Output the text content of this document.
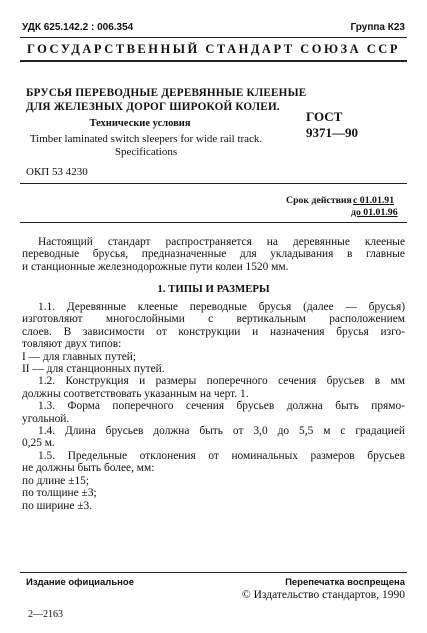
УДК 625.142.2 : 006.354	Группа К23
ГОСУДАРСТВЕННЫЙ СТАНДАРТ СОЮЗА ССР
БРУСЬЯ ПЕРЕВОДНЫЕ ДЕРЕВЯННЫЕ КЛЕЕНЫЕ
ДЛЯ ЖЕЛЕЗНЫХ ДОРОГ ШИРОКОЙ КОЛЕИ.
Технические условия
Timber laminated switch sleepers for wide rail track.
Specifications
ГОСТ
9371—90
ОКП 53 4230
Срок действия с 01.01.91
до 01.01.96
Настоящий стандарт распространяется на деревянные клееные
переводные брусья, предназначенные для укладывания в главные
и станционные железнодорожные пути колеи 1520 мм.
1. ТИПЫ И РАЗМЕРЫ
1.1. Деревянные клееные переводные брусья (далее — брусья)
изготовляют многослойными с вертикальным расположением
слоев. В зависимости от конструкции и назначения брусья изго-
товляют двух типов:
I — для главных путей;
II — для станционных путей.
1.2. Конструкция и размеры поперечного сечения брусьев в мм
должны соответствовать указанным на черт. 1.
1.3. Форма поперечного сечения брусьев должна быть прямо-
угольной.
1.4. Длина брусьев должна быть от 3,0 до 5,5 м с градацией
0,25 м.
1.5. Предельные отклонения от номинальных размеров брусьев
не должны быть более, мм:
по длине ±15;
по толщине ±3;
по ширине ±3.
Издание официальное	Перепечатка воспрещена
© Издательство стандартов, 1990
2—2163
